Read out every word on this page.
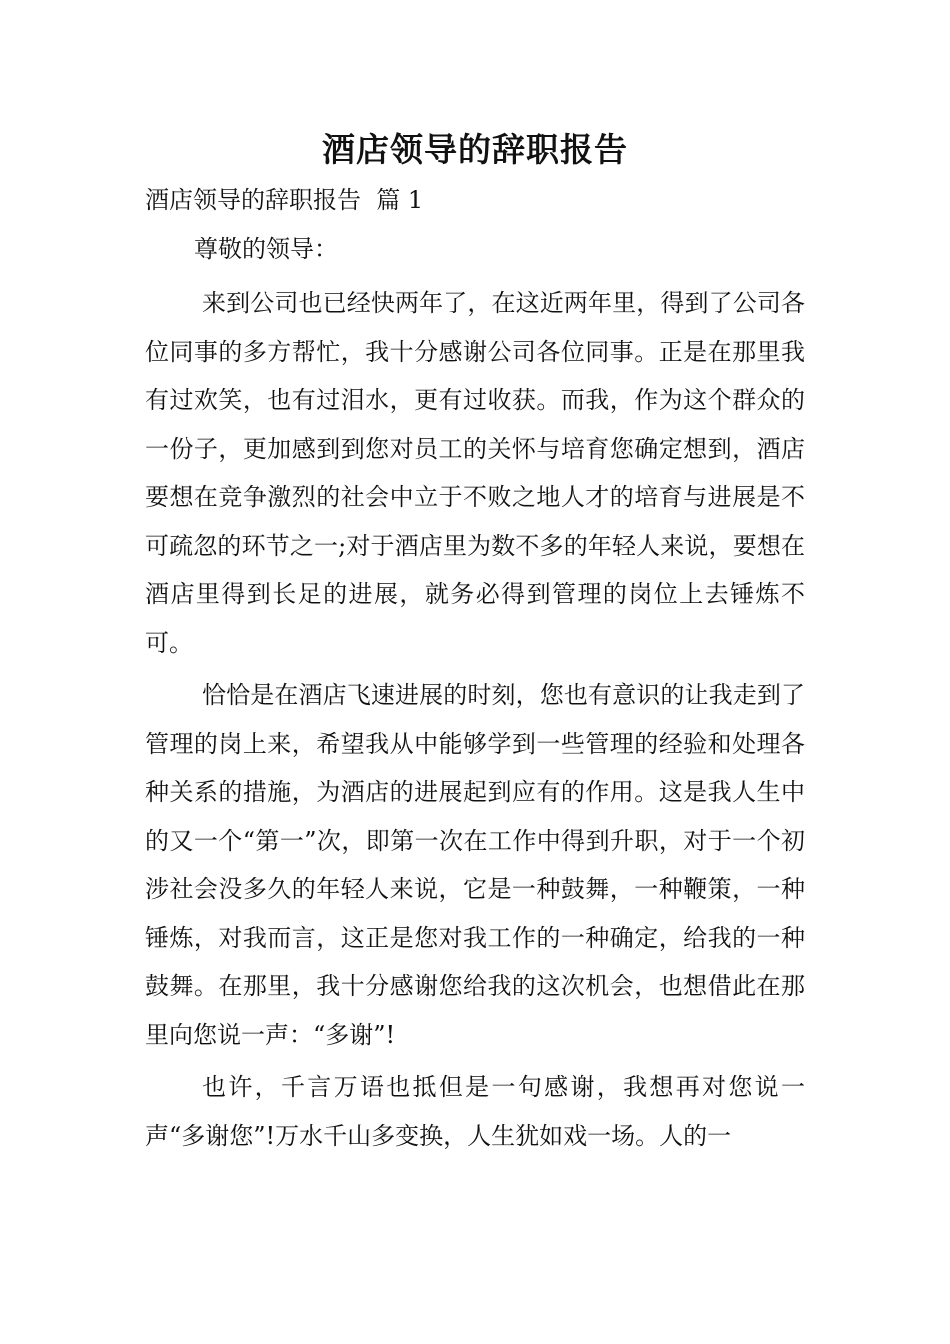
酒店领导的辞职报告

酒店领导的辞职报告  篇 1

尊敬的领导：

来到公司也已经快两年了，在这近两年里，得到了公司各位同事的多方帮忙，我十分感谢公司各位同事。正是在那里我有过欢笑，也有过泪水，更有过收获。而我，作为这个群众的一份子，更加感到到您对员工的关怀与培育您确定想到，酒店要想在竞争激烈的社会中立于不败之地人才的培育与进展是不可疏忽的环节之一;对于酒店里为数不多的年轻人来说，要想在酒店里得到长足的进展，就务必得到管理的岗位上去锤炼不可。

恰恰是在酒店飞速进展的时刻，您也有意识的让我走到了管理的岗上来，希望我从中能够学到一些管理的经验和处理各种关系的措施，为酒店的进展起到应有的作用。这是我人生中的又一个“第一”次，即第一次在工作中得到升职，对于一个初涉社会没多久的年轻人来说，它是一种鼓舞，一种鞭策，一种锤炼，对我而言，这正是您对我工作的一种确定，给我的一种鼓舞。在那里，我十分感谢您给我的这次机会，也想借此在那里向您说一声：“多谢”!

也许，千言万语也抵但是一句感谢，我想再对您说一声“多谢您”!万水千山多变换，人生犹如戏一场。人的一
